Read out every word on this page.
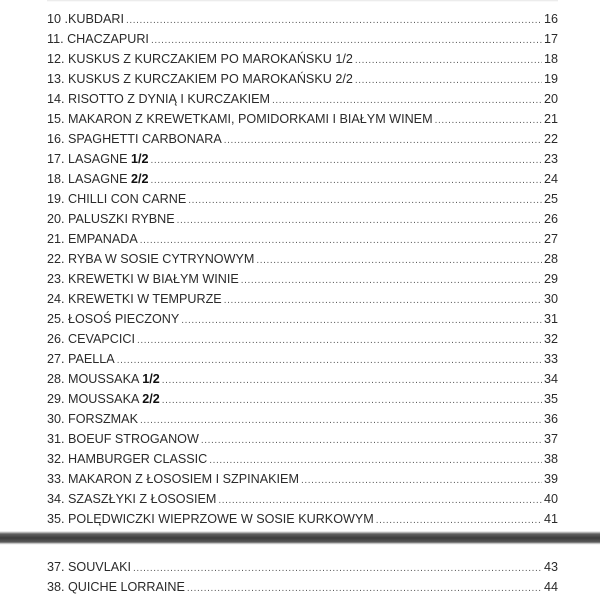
10 .KUBDARI .....	16
11. CHACZAPURI .....	17
12. KUSKUS Z KURCZAKIEM PO MAROKAŃSKU 1/2 .....	18
13. KUSKUS Z KURCZAKIEM PO MAROKAŃSKU 2/2 .....	19
14. RISOTTO Z DYNIĄ I KURCZAKIEM .....	20
15. MAKARON Z KREWETKAMI, POMIDORKAMI I BIAŁYM WINEM .....	21
16. SPAGHETTI CARBONARA .....	22
17. LASAGNE 1/2 .....	23
18. LASAGNE 2/2 .....	24
19. CHILLI CON CARNE .....	25
20. PALUSZKI RYBNE .....	26
21. EMPANADA .....	27
22. RYBA W SOSIE CYTRYNOWYM .....	28
23. KREWETKI W BIAŁYM WINIE .....	29
24. KREWETKI W TEMPURZE .....	30
25. ŁOSOŚ PIECZONY .....	31
26. CEVAPCICI .....	32
27. PAELLA .....	33
28. MOUSSAKA 1/2 .....	34
29. MOUSSAKA 2/2 .....	35
30. FORSZMAK .....	36
31. BOEUF STROGANOW .....	37
32. HAMBURGER CLASSIC .....	38
33. MAKARON Z ŁOSOSIEM I SZPINAKIEM .....	39
34. SZASZŁYKI Z ŁOSOSIEM .....	40
35. POLĘDWICZKI WIEPRZOWE W SOSIE KURKOWYM .....	41
.....
37. SOUVLAKI .....	43
38. QUICHE LORRAINE .....	44
